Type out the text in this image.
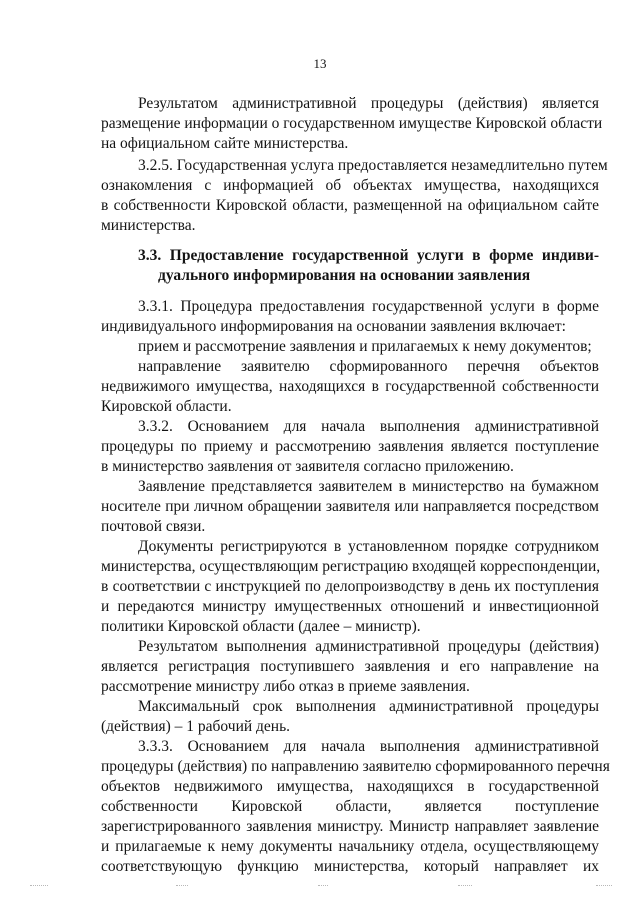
13
Результатом административной процедуры (действия) является
размещение информации о государственном имуществе Кировской области
на официальном сайте министерства.
3.2.5. Государственная услуга предоставляется незамедлительно путем
ознакомления с информацией об объектах имущества, находящихся
в собственности Кировской области, размещенной на официальном сайте
министерства.
3.3. Предоставление государственной услуги в форме индиви-
дуального информирования на основании заявления
3.3.1. Процедура предоставления государственной услуги в форме
индивидуального информирования на основании заявления включает:
прием и рассмотрение заявления и прилагаемых к нему документов;
направление заявителю сформированного перечня объектов
недвижимого имущества, находящихся в государственной собственности
Кировской области.
3.3.2. Основанием для начала выполнения административной
процедуры по приему и рассмотрению заявления является поступление
в министерство заявления от заявителя согласно приложению.
Заявление представляется заявителем в министерство на бумажном
носителе при личном обращении заявителя или направляется посредством
почтовой связи.
Документы регистрируются в установленном порядке сотрудником
министерства, осуществляющим регистрацию входящей корреспонденции,
в соответствии с инструкцией по делопроизводству в день их поступления
и передаются министру имущественных отношений и инвестиционной
политики Кировской области (далее – министр).
Результатом выполнения административной процедуры (действия)
является регистрация поступившего заявления и его направление на
рассмотрение министру либо отказ в приеме заявления.
Максимальный срок выполнения административной процедуры
(действия) – 1 рабочий день.
3.3.3. Основанием для начала выполнения административной
процедуры (действия) по направлению заявителю сформированного перечня
объектов недвижимого имущества, находящихся в государственной
собственности Кировской области, является поступление
зарегистрированного заявления министру. Министр направляет заявление
и прилагаемые к нему документы начальнику отдела, осуществляющему
соответствующую функцию министерства, который направляет их
